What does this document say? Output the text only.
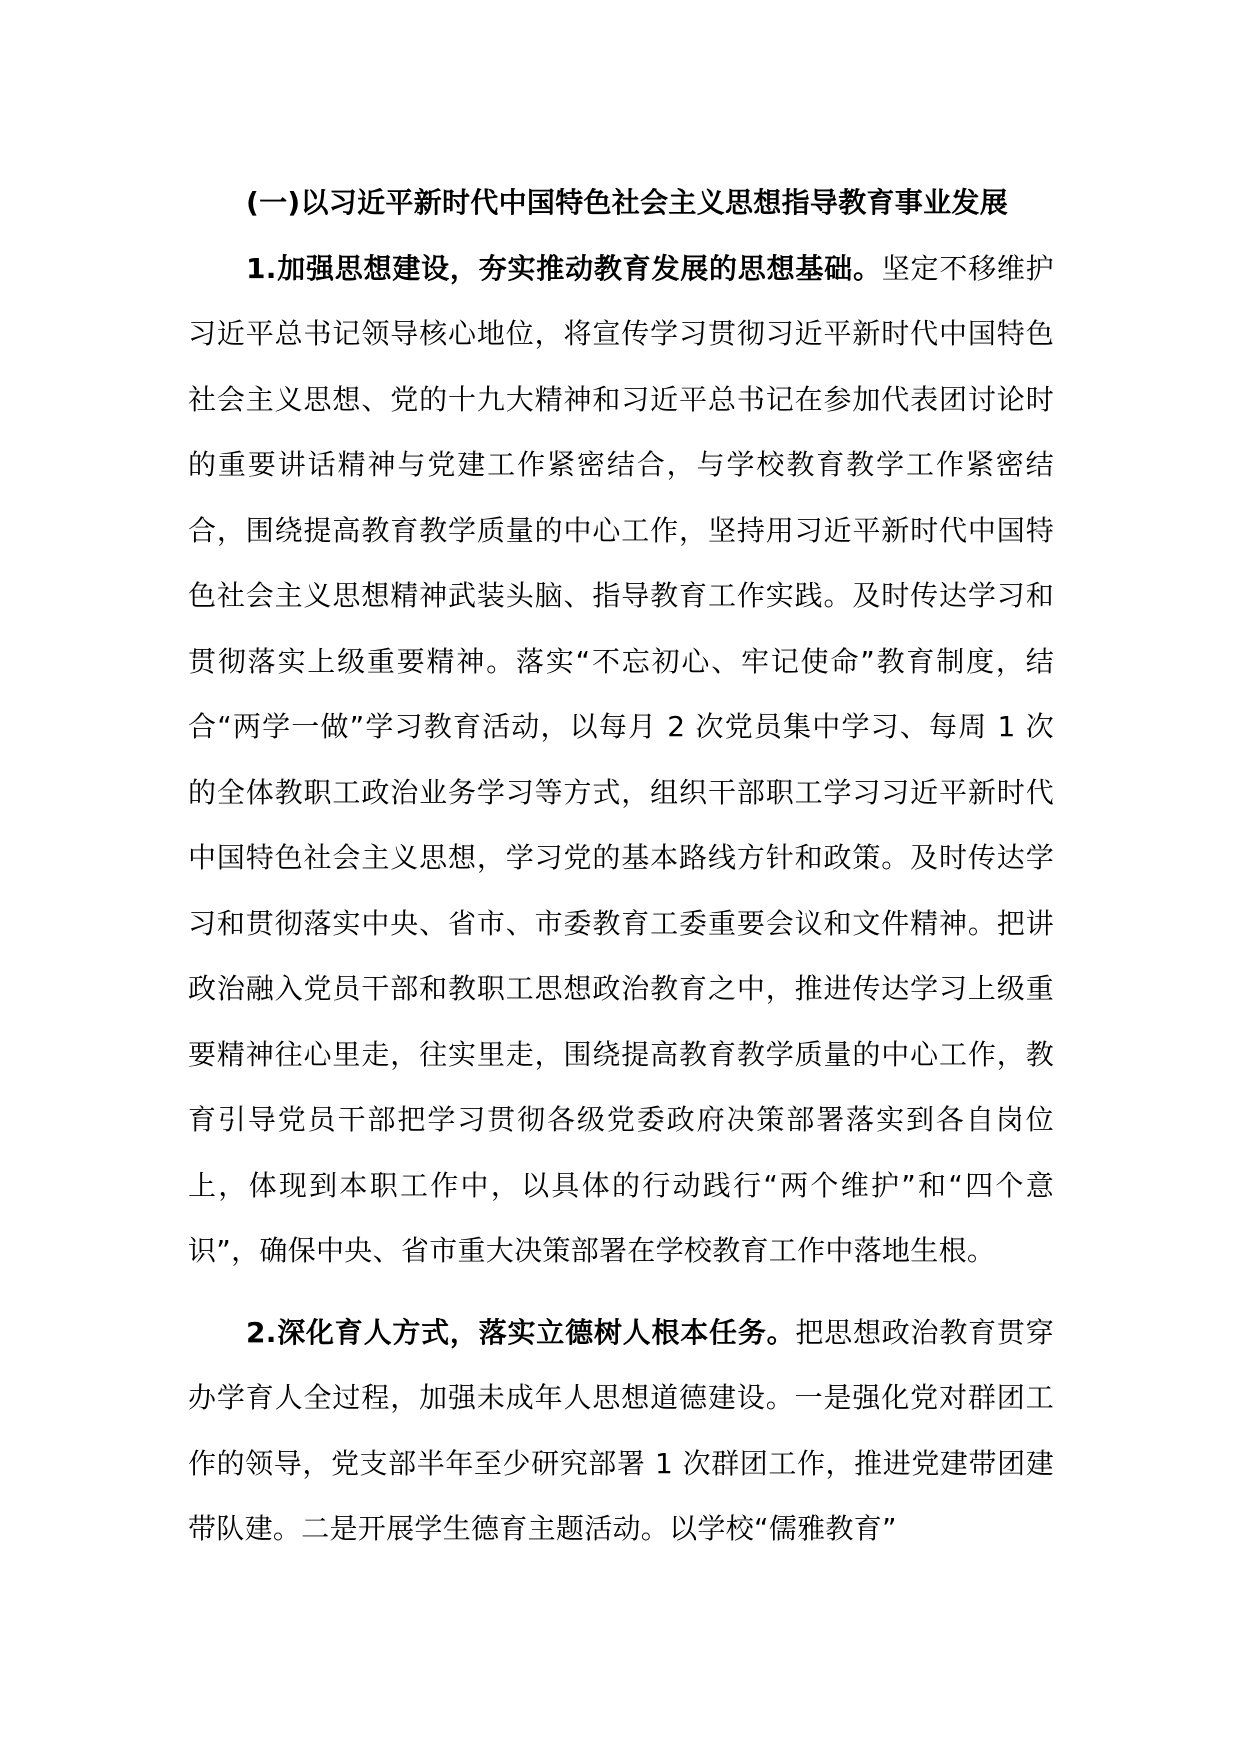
(一)以习近平新时代中国特色社会主义思想指导教育事业发展

1.加强思想建设，夯实推动教育发展的思想基础。坚定不移维护习近平总书记领导核心地位，将宣传学习贯彻习近平新时代中国特色社会主义思想、党的十九大精神和习近平总书记在参加代表团讨论时的重要讲话精神与党建工作紧密结合，与学校教育教学工作紧密结合，围绕提高教育教学质量的中心工作，坚持用习近平新时代中国特色社会主义思想精神武装头脑、指导教育工作实践。及时传达学习和贯彻落实上级重要精神。落实“不忘初心、牢记使命”教育制度，结合“两学一做”学习教育活动，以每月 2 次党员集中学习、每周 1 次的全体教职工政治业务学习等方式，组织干部职工学习习近平新时代中国特色社会主义思想，学习党的基本路线方针和政策。及时传达学习和贯彻落实中央、省市、市委教育工委重要会议和文件精神。把讲政治融入党员干部和教职工思想政治教育之中，推进传达学习上级重要精神往心里走，往实里走，围绕提高教育教学质量的中心工作，教育引导党员干部把学习贯彻各级党委政府决策部署落实到各自岗位上，体现到本职工作中，以具体的行动践行“两个维护”和“四个意识”，确保中央、省市重大决策部署在学校教育工作中落地生根。

2.深化育人方式，落实立德树人根本任务。把思想政治教育贯穿办学育人全过程，加强未成年人思想道德建设。一是强化党对群团工作的领导，党支部半年至少研究部署 1 次群团工作，推进党建带团建带队建。二是开展学生德育主题活动。以学校“儒雅教育”
